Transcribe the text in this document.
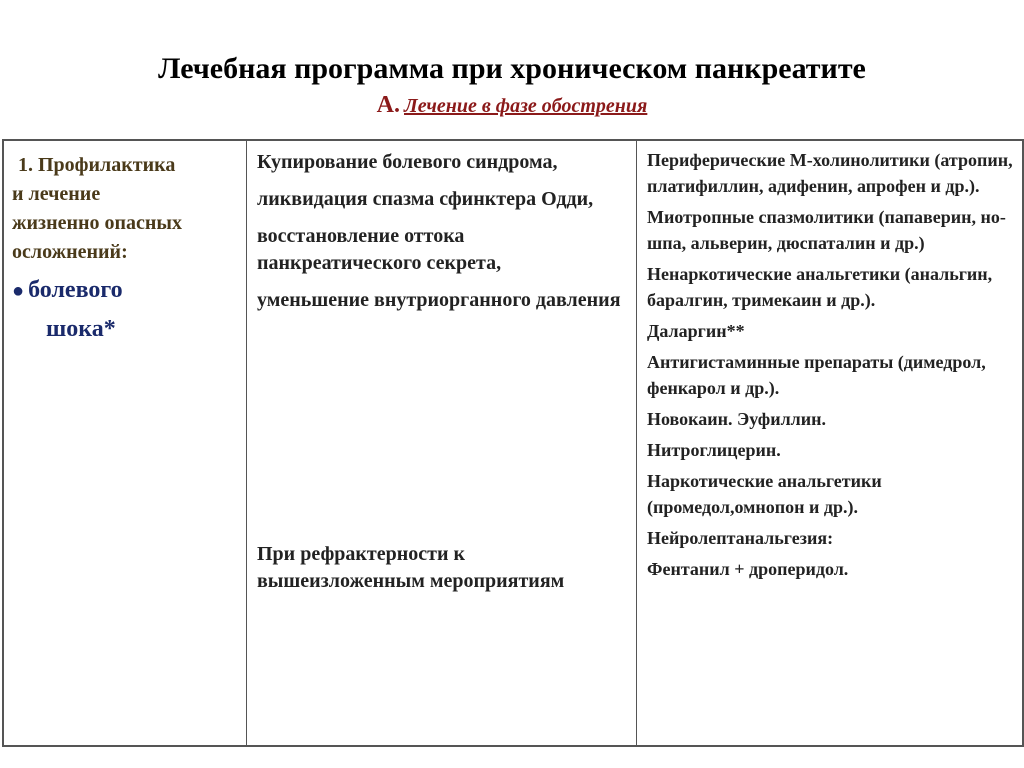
Лечебная программа при хроническом панкреатите

А. Лечение в фазе обострения

1. Профилактика
и лечение
жизненно опасных
осложнений:

● болевого
шока*

Купирование болевого синдрома,

ликвидация спазма сфинктера Одди,

восстановление оттока панкреатического секрета,

уменьшение внутриорганного давления

При рефрактерности к вышеизложенным мероприятиям

Периферические М-холинолитики (атропин, платифиллин, адифенин, апрофен и др.).

Миотропные спазмолитики (папаверин, но-шпа, альверин, дюспаталин и др.)

Ненаркотические анальгетики (анальгин, баралгин, тримекаин и др.).

Даларгин**

Антигистаминные препараты (димедрол, фенкарол и др.).

Новокаин. Эуфиллин.

Нитроглицерин.

Наркотические анальгетики (промедол,омнопон и др.).

Нейролептанальгезия:

Фентанил + дроперидол.
